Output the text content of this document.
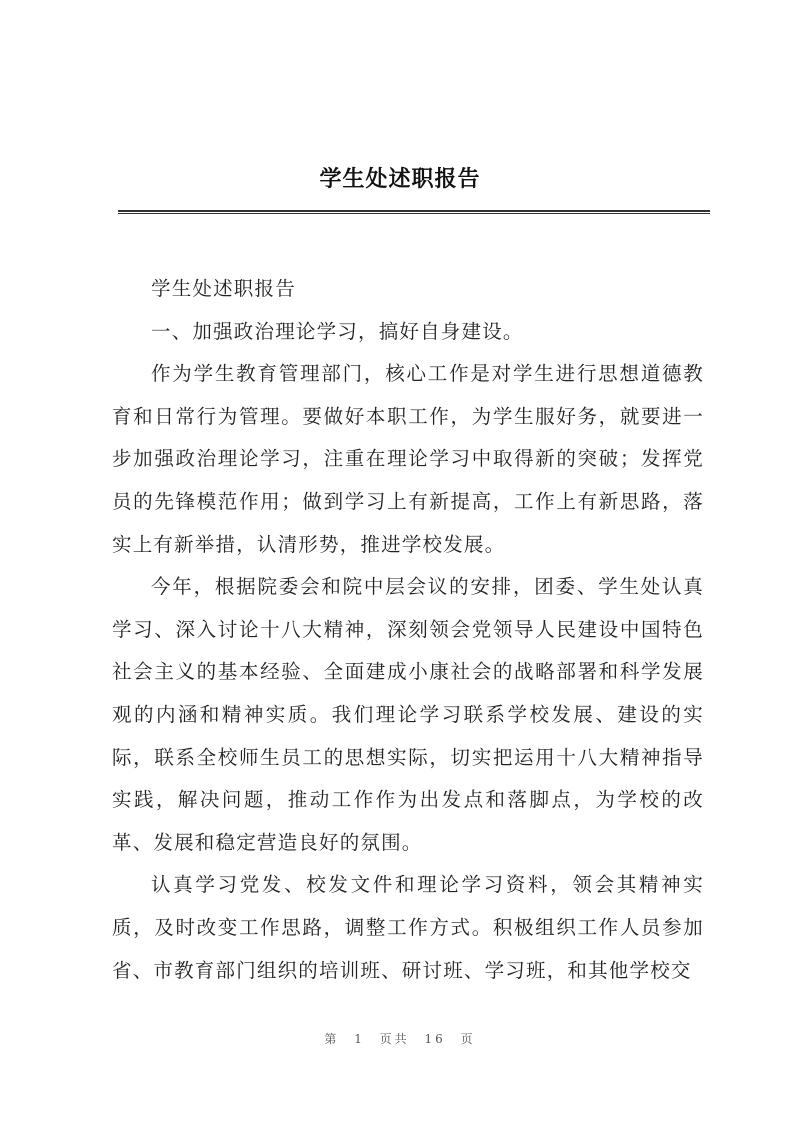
学生处述职报告

学生处述职报告

一、加强政治理论学习，搞好自身建设。

作为学生教育管理部门，核心工作是对学生进行思想道德教育和日常行为管理。要做好本职工作，为学生服好务，就要进一步加强政治理论学习，注重在理论学习中取得新的突破；发挥党员的先锋模范作用；做到学习上有新提高，工作上有新思路，落实上有新举措，认清形势，推进学校发展。

今年，根据院委会和院中层会议的安排，团委、学生处认真学习、深入讨论十八大精神，深刻领会党领导人民建设中国特色社会主义的基本经验、全面建成小康社会的战略部署和科学发展观的内涵和精神实质。我们理论学习联系学校发展、建设的实际，联系全校师生员工的思想实际，切实把运用十八大精神指导实践，解决问题，推动工作作为出发点和落脚点，为学校的改革、发展和稳定营造良好的氛围。

认真学习党发、校发文件和理论学习资料，领会其精神实质，及时改变工作思路，调整工作方式。积极组织工作人员参加省、市教育部门组织的培训班、研讨班、学习班，和其他学校交

第 1 页共 16 页
